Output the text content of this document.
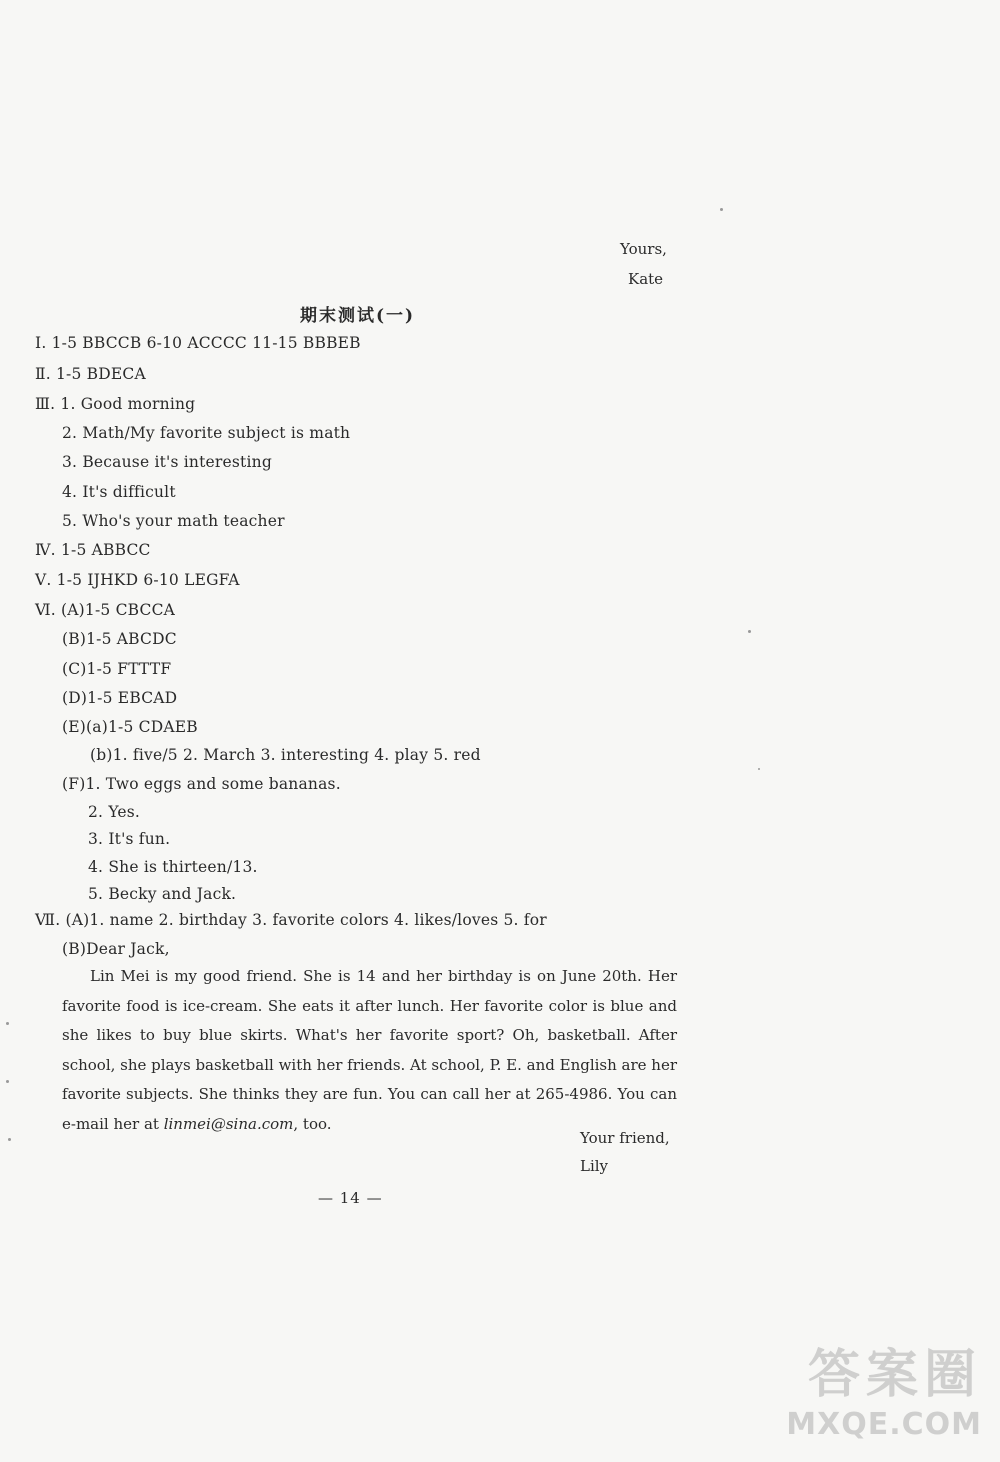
Yours,
Kate
期末测试(一)
Ⅰ. 1-5 BBCCB 6-10 ACCCC 11-15 BBBEB
Ⅱ. 1-5 BDECA
Ⅲ. 1. Good morning
2. Math/My favorite subject is math
3. Because it's interesting
4. It's difficult
5. Who's your math teacher
Ⅳ. 1-5 ABBCC
Ⅴ. 1-5 IJHKD 6-10 LEGFA
Ⅵ. (A)1-5 CBCCA
(B)1-5 ABCDC
(C)1-5 FTTTF
(D)1-5 EBCAD
(E)(a)1-5 CDAEB
(b)1. five/5 2. March 3. interesting 4. play 5. red
(F)1. Two eggs and some bananas.
2. Yes.
3. It's fun.
4. She is thirteen/13.
5. Becky and Jack.
Ⅶ. (A)1. name 2. birthday 3. favorite colors 4. likes/loves 5. for
(B)Dear Jack,
Lin Mei is my good friend. She is 14 and her birthday is on June 20th. Her favorite food is ice-cream. She eats it after lunch. Her favorite color is blue and she likes to buy blue skirts. What's her favorite sport? Oh, basketball. After school, she plays basketball with her friends. At school, P. E. and English are her favorite subjects. She thinks they are fun. You can call her at 265-4986. You can e-mail her at linmei@sina.com, too.
Your friend,
Lily
— 14 —
答案圈
MXQE.COM
